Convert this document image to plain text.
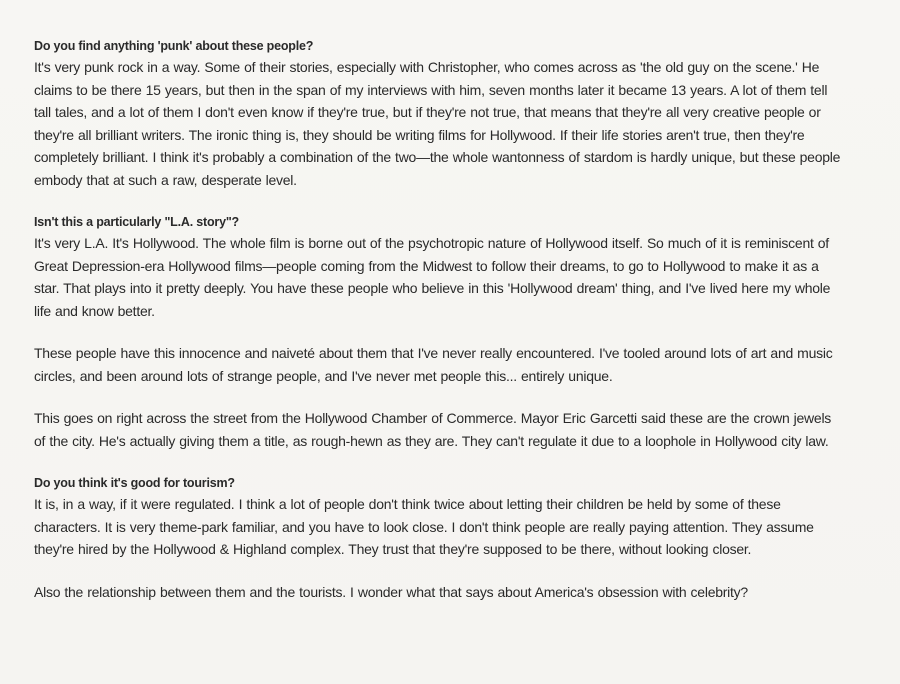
Do you find anything 'punk' about these people?

It's very punk rock in a way. Some of their stories, especially with Christopher, who comes across as 'the old guy on the scene.' He claims to be there 15 years, but then in the span of my interviews with him, seven months later it became 13 years. A lot of them tell tall tales, and a lot of them I don't even know if they're true, but if they're not true, that means that they're all very creative people or they're all brilliant writers. The ironic thing is, they should be writing films for Hollywood. If their life stories aren't true, then they're completely brilliant. I think it's probably a combination of the two—the whole wantonness of stardom is hardly unique, but these people embody that at such a raw, desperate level.

Isn't this a particularly "L.A. story"?

It's very L.A. It's Hollywood. The whole film is borne out of the psychotropic nature of Hollywood itself. So much of it is reminiscent of Great Depression-era Hollywood films—people coming from the Midwest to follow their dreams, to go to Hollywood to make it as a star. That plays into it pretty deeply. You have these people who believe in this 'Hollywood dream' thing, and I've lived here my whole life and know better.

These people have this innocence and naiveté about them that I've never really encountered. I've tooled around lots of art and music circles, and been around lots of strange people, and I've never met people this... entirely unique.

This goes on right across the street from the Hollywood Chamber of Commerce. Mayor Eric Garcetti said these are the crown jewels of the city. He's actually giving them a title, as rough-hewn as they are. They can't regulate it due to a loophole in Hollywood city law.

Do you think it's good for tourism?

It is, in a way, if it were regulated. I think a lot of people don't think twice about letting their children be held by some of these characters. It is very theme-park familiar, and you have to look close. I don't think people are really paying attention. They assume they're hired by the Hollywood & Highland complex. They trust that they're supposed to be there, without looking closer.

Also the relationship between them and the tourists. I wonder what that says about America's obsession with celebrity?
